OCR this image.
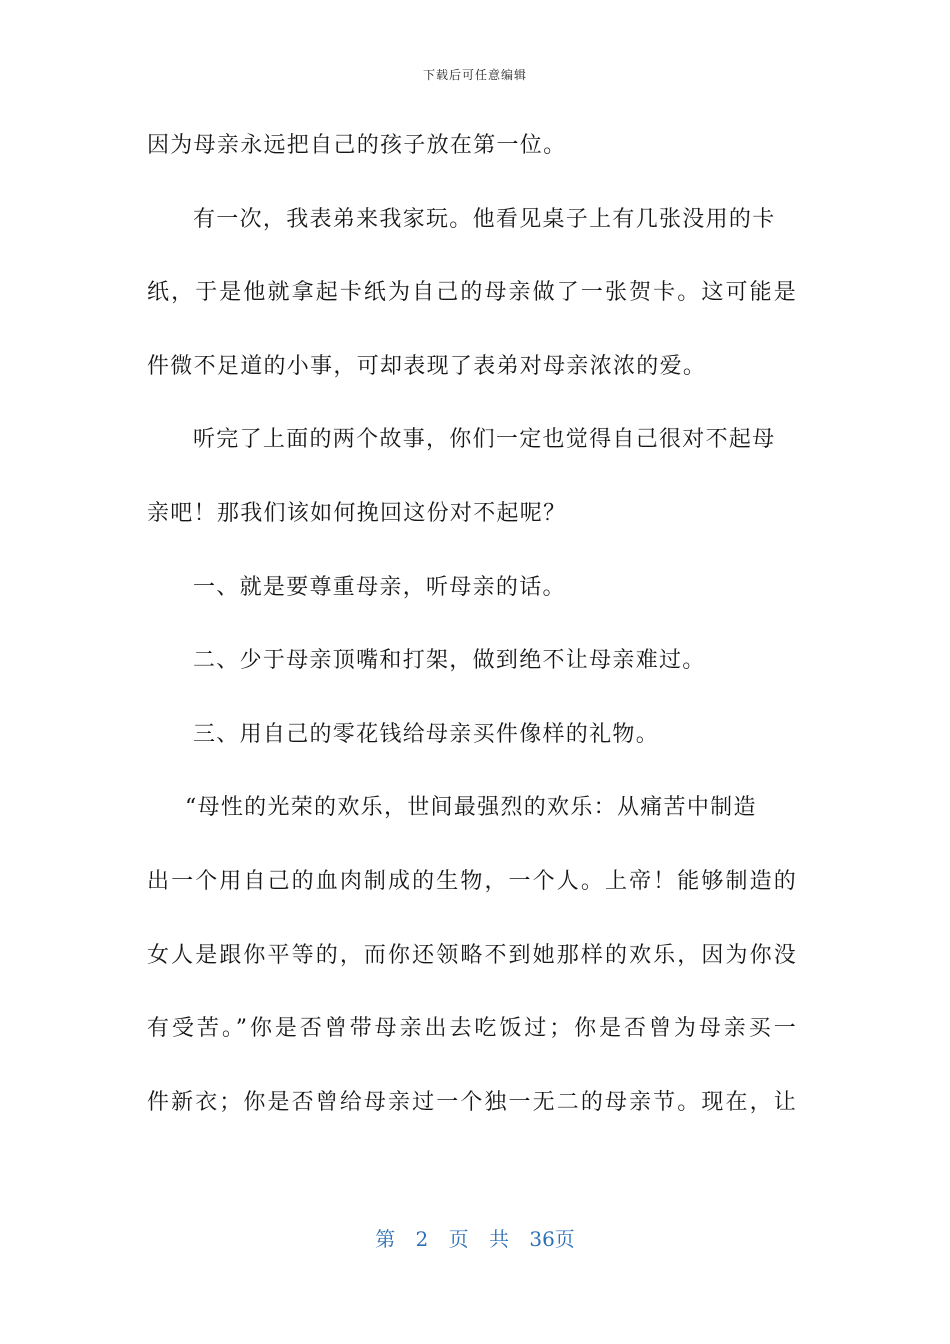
下载后可任意编辑
因为母亲永远把自己的孩子放在第一位。
有一次，我表弟来我家玩。他看见桌子上有几张没用的卡
纸，于是他就拿起卡纸为自己的母亲做了一张贺卡。这可能是
件微不足道的小事，可却表现了表弟对母亲浓浓的爱。
听完了上面的两个故事，你们一定也觉得自己很对不起母
亲吧！那我们该如何挽回这份对不起呢？
一、就是要尊重母亲，听母亲的话。
二、少于母亲顶嘴和打架，做到绝不让母亲难过。
三、用自己的零花钱给母亲买件像样的礼物。
“母性的光荣的欢乐，世间最强烈的欢乐：从痛苦中制造
出一个用自己的血肉制成的生物，一个人。上帝！能够制造的
女人是跟你平等的，而你还领略不到她那样的欢乐，因为你没
有受苦。”你是否曾带母亲出去吃饭过；你是否曾为母亲买一
件新衣；你是否曾给母亲过一个独一无二的母亲节。现在，让
第 2 页 共 36页
